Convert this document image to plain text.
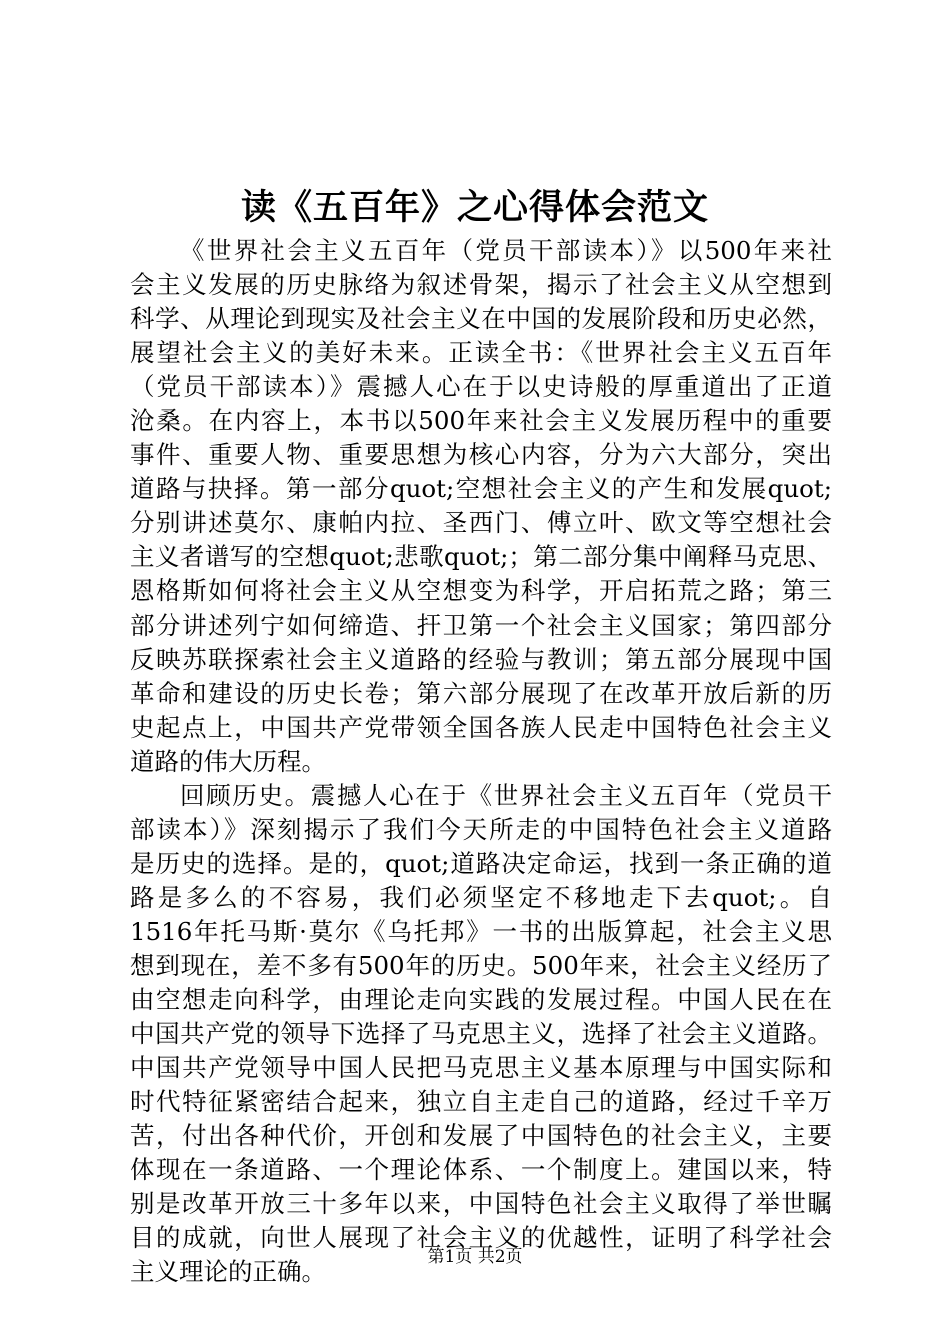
读《五百年》之心得体会范文
《世界社会主义五百年（党员干部读本）》以500年来社
会主义发展的历史脉络为叙述骨架，揭示了社会主义从空想到
科学、从理论到现实及社会主义在中国的发展阶段和历史必然，
展望社会主义的美好未来。正读全书：《世界社会主义五百年
（党员干部读本）》震撼人心在于以史诗般的厚重道出了正道
沧桑。在内容上，本书以500年来社会主义发展历程中的重要
事件、重要人物、重要思想为核心内容，分为六大部分，突出
道路与抉择。第一部分quot;空想社会主义的产生和发展quot;
分别讲述莫尔、康帕内拉、圣西门、傅立叶、欧文等空想社会
主义者谱写的空想quot;悲歌quot;；第二部分集中阐释马克思、
恩格斯如何将社会主义从空想变为科学，开启拓荒之路；第三
部分讲述列宁如何缔造、扞卫第一个社会主义国家；第四部分
反映苏联探索社会主义道路的经验与教训；第五部分展现中国
革命和建设的历史长卷；第六部分展现了在改革开放后新的历
史起点上，中国共产党带领全国各族人民走中国特色社会主义
道路的伟大历程。
回顾历史。震撼人心在于《世界社会主义五百年（党员干
部读本）》深刻揭示了我们今天所走的中国特色社会主义道路
是历史的选择。是的，quot;道路决定命运，找到一条正确的道
路是多么的不容易，我们必须坚定不移地走下去quot;。自
1516年托马斯·莫尔《乌托邦》一书的出版算起，社会主义思
想到现在，差不多有500年的历史。500年来，社会主义经历了
由空想走向科学，由理论走向实践的发展过程。中国人民在在
中国共产党的领导下选择了马克思主义，选择了社会主义道路。
中国共产党领导中国人民把马克思主义基本原理与中国实际和
时代特征紧密结合起来，独立自主走自己的道路，经过千辛万
苦，付出各种代价，开创和发展了中国特色的社会主义，主要
体现在一条道路、一个理论体系、一个制度上。建国以来，特
别是改革开放三十多年以来，中国特色社会主义取得了举世瞩
目的成就，向世人展现了社会主义的优越性，证明了科学社会
主义理论的正确。
第1页 共2页
